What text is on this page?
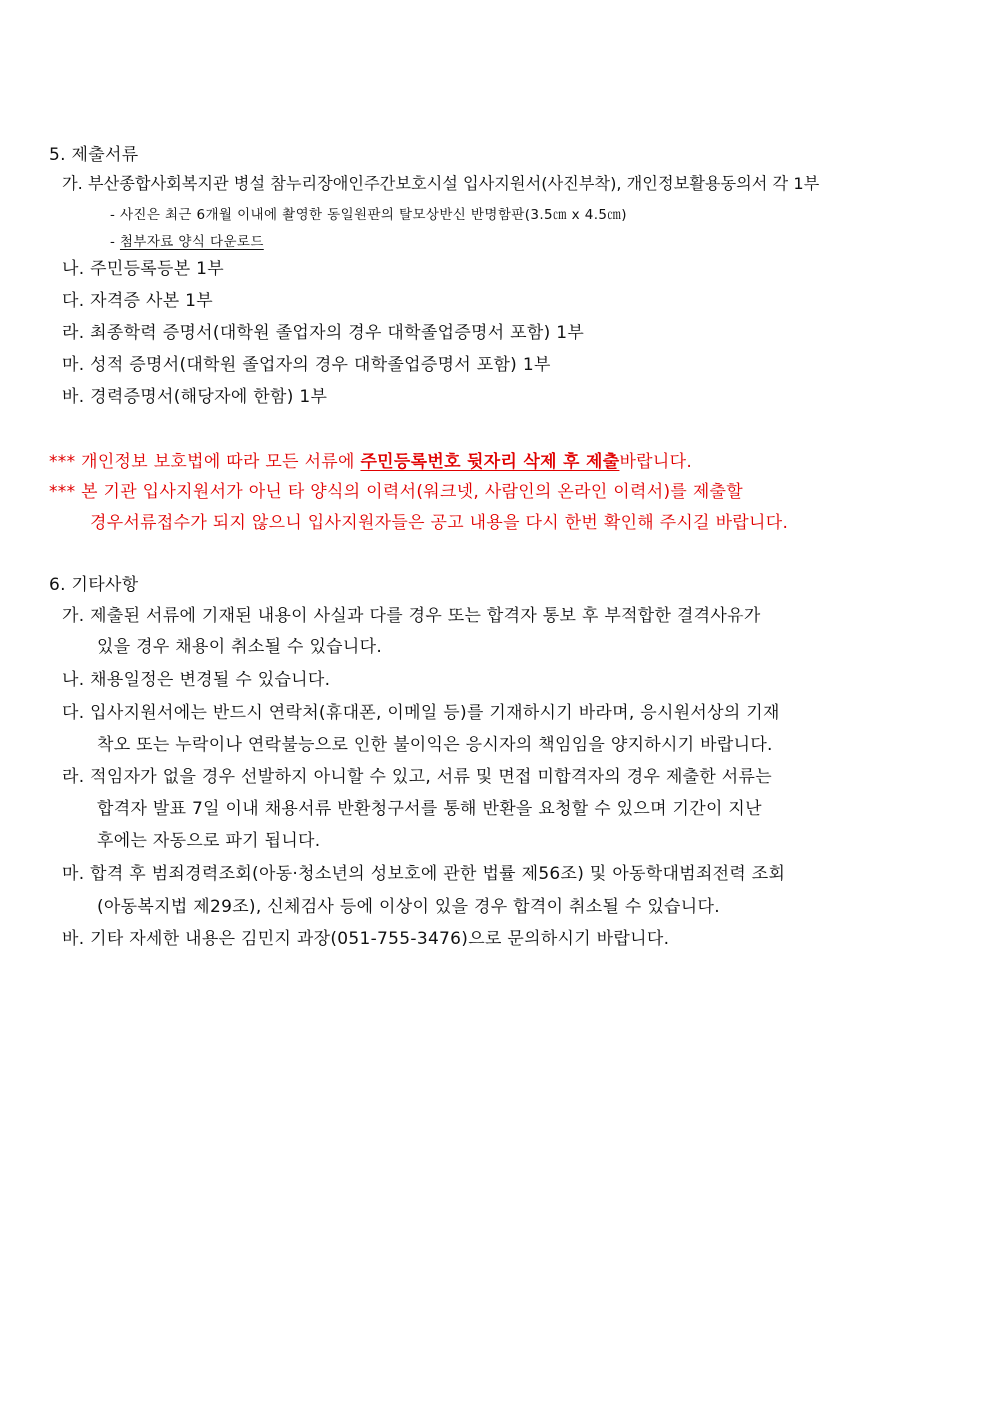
5. 제출서류
가. 부산종합사회복지관 병설 참누리장애인주간보호시설 입사지원서(사진부착), 개인정보활용동의서 각 1부
- 사진은 최근 6개월 이내에 촬영한 동일원판의 탈모상반신 반명함판(3.5㎝ x 4.5㎝)
- 첨부자료 양식 다운로드
나. 주민등록등본 1부
다. 자격증 사본 1부
라. 최종학력 증명서(대학원 졸업자의 경우 대학졸업증명서 포함) 1부
마. 성적 증명서(대학원 졸업자의 경우 대학졸업증명서 포함) 1부
바. 경력증명서(해당자에 한함) 1부
*** 개인정보 보호법에 따라 모든 서류에 주민등록번호 뒷자리 삭제 후 제출바랍니다.
*** 본 기관 입사지원서가 아닌 타 양식의 이력서(워크넷, 사람인의 온라인 이력서)를 제출할
경우서류접수가 되지 않으니 입사지원자들은 공고 내용을 다시 한번 확인해 주시길 바랍니다.
6. 기타사항
가. 제출된 서류에 기재된 내용이 사실과 다를 경우 또는 합격자 통보 후 부적합한 결격사유가
있을 경우 채용이 취소될 수 있습니다.
나. 채용일정은 변경될 수 있습니다.
다. 입사지원서에는 반드시 연락처(휴대폰, 이메일 등)를 기재하시기 바라며, 응시원서상의 기재
착오 또는 누락이나 연락불능으로 인한 불이익은 응시자의 책임임을 양지하시기 바랍니다.
라. 적임자가 없을 경우 선발하지 아니할 수 있고, 서류 및 면접 미합격자의 경우 제출한 서류는
합격자 발표 7일 이내 채용서류 반환청구서를 통해 반환을 요청할 수 있으며 기간이 지난
후에는 자동으로 파기 됩니다.
마. 합격 후 범죄경력조회(아동·청소년의 성보호에 관한 법률 제56조) 및 아동학대범죄전력 조회
(아동복지법 제29조), 신체검사 등에 이상이 있을 경우 합격이 취소될 수 있습니다.
바. 기타 자세한 내용은 김민지 과장(051-755-3476)으로 문의하시기 바랍니다.
